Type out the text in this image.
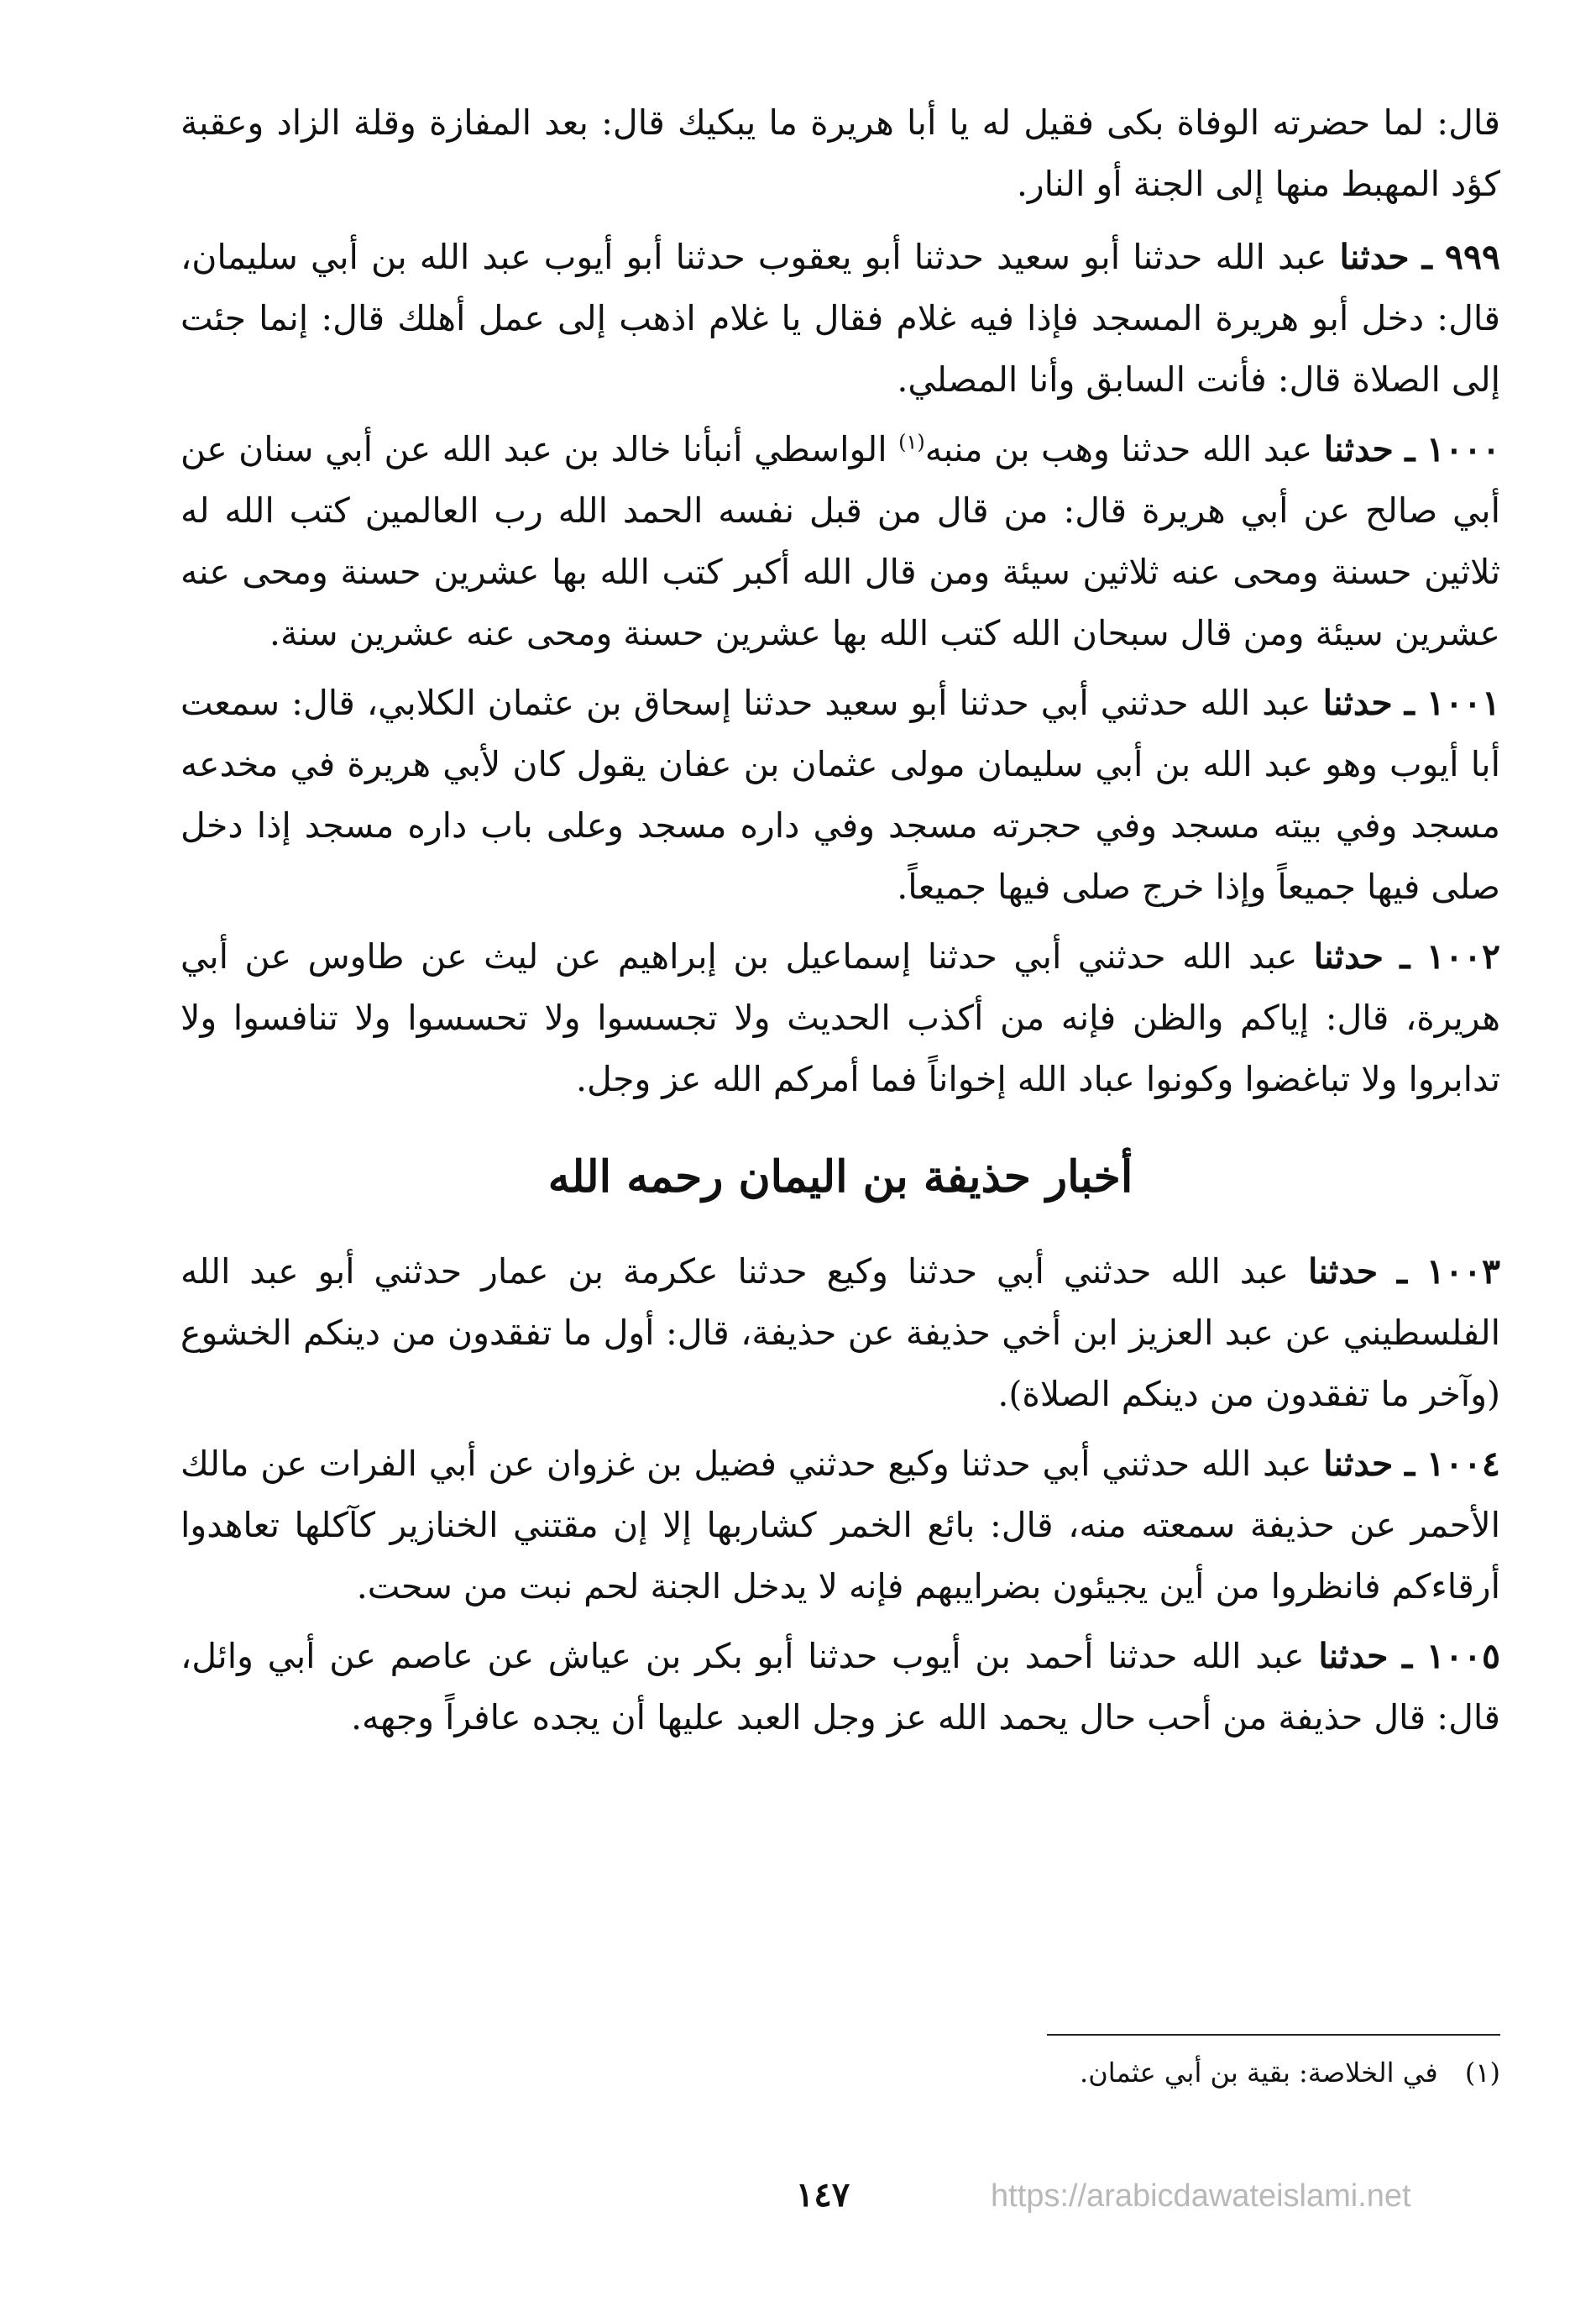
قال: لما حضرته الوفاة بكى فقيل له يا أبا هريرة ما يبكيك قال: بعد المفازة وقلة الزاد وعقبة كؤد المهبط منها إلى الجنة أو النار.

٩٩٩ ـ حدثنا عبد الله حدثنا أبو سعيد حدثنا أبو يعقوب حدثنا أبو أيوب عبد الله بن أبي سليمان، قال: دخل أبو هريرة المسجد فإذا فيه غلام فقال يا غلام اذهب إلى عمل أهلك قال: إنما جئت إلى الصلاة قال: فأنت السابق وأنا المصلي.

١٠٠٠ ـ حدثنا عبد الله حدثنا وهب بن منبه$^{(١)}$ الواسطي أنبأنا خالد بن عبد الله عن أبي سنان عن أبي صالح عن أبي هريرة قال: من قال من قبل نفسه الحمد الله رب العالمين كتب الله له ثلاثين حسنة ومحى عنه ثلاثين سيئة ومن قال الله أكبر كتب الله بها عشرين حسنة ومحى عنه عشرين سيئة ومن قال سبحان الله كتب الله بها عشرين حسنة ومحى عنه عشرين سنة.

١٠٠١ ـ حدثنا عبد الله حدثني أبي حدثنا أبو سعيد حدثنا إسحاق بن عثمان الكلابي، قال: سمعت أبا أيوب وهو عبد الله بن أبي سليمان مولى عثمان بن عفان يقول كان لأبي هريرة في مخدعه مسجد وفي بيته مسجد وفي حجرته مسجد وفي داره مسجد وعلى باب داره مسجد إذا دخل صلى فيها جميعاً وإذا خرج صلى فيها جميعاً.

١٠٠٢ ـ حدثنا عبد الله حدثني أبي حدثنا إسماعيل بن إبراهيم عن ليث عن طاوس عن أبي هريرة، قال: إياكم والظن فإنه من أكذب الحديث ولا تجسسوا ولا تحسسوا ولا تنافسوا ولا تدابروا ولا تباغضوا وكونوا عباد الله إخواناً فما أمركم الله عز وجل.

أخبار حذيفة بن اليمان رحمه الله

١٠٠٣ ـ حدثنا عبد الله حدثني أبي حدثنا وكيع حدثنا عكرمة بن عمار حدثني أبو عبد الله الفلسطيني عن عبد العزيز ابن أخي حذيفة عن حذيفة، قال: أول ما تفقدون من دينكم الخشوع (وآخر ما تفقدون من دينكم الصلاة).

١٠٠٤ ـ حدثنا عبد الله حدثني أبي حدثنا وكيع حدثني فضيل بن غزوان عن أبي الفرات عن مالك الأحمر عن حذيفة سمعته منه، قال: بائع الخمر كشاربها إلا إن مقتني الخنازير كآكلها تعاهدوا أرقاءكم فانظروا من أين يجيئون بضرايبهم فإنه لا يدخل الجنة لحم نبت من سحت.

١٠٠٥ ـ حدثنا عبد الله حدثنا أحمد بن أيوب حدثنا أبو بكر بن عياش عن عاصم عن أبي وائل، قال: قال حذيفة من أحب حال يحمد الله عز وجل العبد عليها أن يجده عافراً وجهه.

(١) في الخلاصة: بقية بن أبي عثمان.
١٤٧	https://arabicdawateislami.net
